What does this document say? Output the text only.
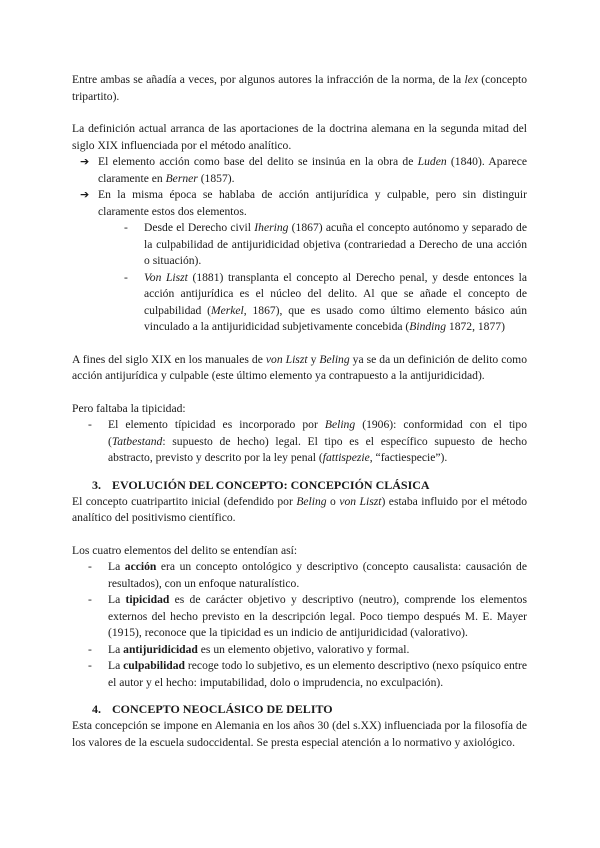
Entre ambas se añadía a veces, por algunos autores la infracción de la norma, de la lex (concepto tripartito).

La definición actual arranca de las aportaciones de la doctrina alemana en la segunda mitad del siglo XIX influenciada por el método analítico.

➔ El elemento acción como base del delito se insinúa en la obra de Luden (1840). Aparece claramente en Berner (1857).
➔ En la misma época se hablaba de acción antijurídica y culpable, pero sin distinguir claramente estos dos elementos.
-	Desde el Derecho civil Ihering (1867) acuña el concepto autónomo y separado de la culpabilidad de antijuridicidad objetiva (contrariedad a Derecho de una acción o situación).
-	Von Liszt (1881) transplanta el concepto al Derecho penal, y desde entonces la acción antijurídica es el núcleo del delito. Al que se añade el concepto de culpabilidad (Merkel, 1867), que es usado como último elemento básico aún vinculado a la antijuridicidad subjetivamente concebida (Binding 1872, 1877)

A fines del siglo XIX en los manuales de von Liszt y Beling ya se da un definición de delito como acción antijurídica y culpable (este último elemento ya contrapuesto a la antijuridicidad).

Pero faltaba la tipicidad:

-	El elemento típicidad es incorporado por Beling (1906): conformidad con el tipo (Tatbestand: supuesto de hecho) legal. El tipo es el específico supuesto de hecho abstracto, previsto y descrito por la ley penal (fattispezie, “factiespecie”).
3. EVOLUCIÓN DEL CONCEPTO: CONCEPCIÓN CLÁSICA

El concepto cuatripartito inicial (defendido por Beling o von Liszt) estaba influido por el método analítico del positivismo científico.

Los cuatro elementos del delito se entendían así:

-	La acción era un concepto ontológico y descriptivo (concepto causalista: causación de resultados), con un enfoque naturalístico.
-	La tipicidad es de carácter objetivo y descriptivo (neutro), comprende los elementos externos del hecho previsto en la descripción legal. Poco tiempo después M. E. Mayer (1915), reconoce que la tipicidad es un indicio de antijuridicidad (valorativo).
-	La antijuridicidad es un elemento objetivo, valorativo y formal.
-	La culpabilidad recoge todo lo subjetivo, es un elemento descriptivo (nexo psíquico entre el autor y el hecho: imputabilidad, dolo o imprudencia, no exculpación).
4. CONCEPTO NEOCLÁSICO DE DELITO

Esta concepción se impone en Alemania en los años 30 (del s.XX) influenciada por la filosofía de los valores de la escuela sudoccidental. Se presta especial atención a lo normativo y axiológico.
